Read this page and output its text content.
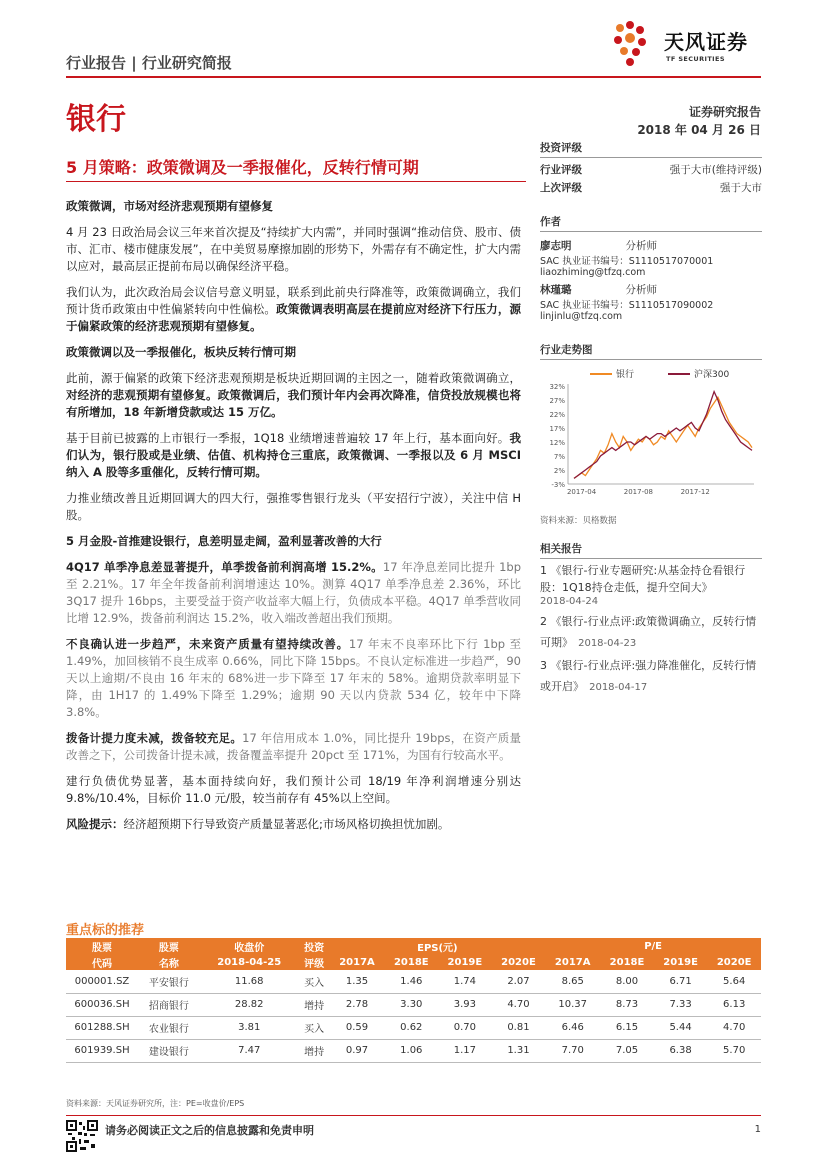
行业报告 | 行业研究简报
天风证券
TF SECURITIES
银行	证券研究报告
2018 年 04 月 26 日
5 月策略：政策微调及一季报催化，反转行情可期
投资评级
行业评级	强于大市(维持评级)
上次评级	强于大市
作者
廖志明	分析师
SAC 执业证书编号：S1110517070001
liaozhiming@tfzq.com
林瑾璐	分析师
SAC 执业证书编号：S1110517090002
linjinlu@tfzq.com
行业走势图
银行	沪深300
32%
27%
22%
17%
12%
7%
2%
-3%
2017-04	2017-08	2017-12
资料来源：贝格数据
相关报告
1 《银行-行业专题研究:从基金持仓看银行股：1Q18持仓走低，提升空间大》
2018-04-24
2 《银行-行业点评:政策微调确立，反转行情可期》 2018-04-23
3 《银行-行业点评:强力降准催化，反转行情或开启》 2018-04-17
政策微调，市场对经济悲观预期有望修复

4 月 23 日政治局会议三年来首次提及“持续扩大内需”，并同时强调“推动信贷、股市、债市、汇市、楼市健康发展”，在中美贸易摩擦加剧的形势下，外需存有不确定性，扩大内需以应对，最高层正提前布局以确保经济平稳。

我们认为，此次政治局会议信号意义明显，联系到此前央行降准等，政策微调确立，我们预计货币政策由中性偏紧转向中性偏松。政策微调表明高层在提前应对经济下行压力，源于偏紧政策的经济悲观预期有望修复。

政策微调以及一季报催化，板块反转行情可期

此前，源于偏紧的政策下经济悲观预期是板块近期回调的主因之一，随着政策微调确立，对经济的悲观预期有望修复。政策微调后，我们预计年内会再次降准，信贷投放规模也将有所增加，18 年新增贷款或达 15 万亿。

基于目前已披露的上市银行一季报，1Q18 业绩增速普遍较 17 年上行，基本面向好。我们认为，银行股或是业绩、估值、机构持仓三重底，政策微调、一季报以及 6 月 MSCI 纳入 A 股等多重催化，反转行情可期。

力推业绩改善且近期回调大的四大行，强推零售银行龙头（平安招行宁波），关注中信 H 股。

5 月金股-首推建设银行，息差明显走阔，盈利显著改善的大行

4Q17 单季净息差显著提升，单季拨备前利润高增 15.2%。17 年净息差同比提升 1bp 至 2.21%。17 年全年拨备前利润增速达 10%。测算 4Q17 单季净息差 2.36%，环比 3Q17 提升 16bps，主要受益于资产收益率大幅上行，负债成本平稳。4Q17 单季营收同比增 12.9%，拨备前利润达 15.2%，收入端改善超出我们预期。

不良确认进一步趋严，未来资产质量有望持续改善。17 年末不良率环比下行 1bp 至 1.49%，加回核销不良生成率 0.66%，同比下降 15bps。不良认定标准进一步趋严，90 天以上逾期/不良由 16 年末的 68%进一步下降至 17 年末的 58%。逾期贷款率明显下降，由 1H17 的 1.49%下降至 1.29%；逾期 90 天以内贷款 534 亿，较年中下降 3.8%。

拨备计提力度未减，拨备较充足。17 年信用成本 1.0%，同比提升 19bps，在资产质量改善之下，公司拨备计提未减，拨备覆盖率提升 20pct 至 171%，为国有行较高水平。

建行负债优势显著，基本面持续向好，我们预计公司 18/19 年净利润增速分别达 9.8%/10.4%，目标价 11.0 元/股，较当前存有 45%以上空间。

风险提示：经济超预期下行导致资产质量显著恶化;市场风格切换担忧加剧。

重点标的推荐
股票	股票	收盘价	投资	EPS(元)				P/E			
代码	名称	2018-04-25	评级	2017A	2018E	2019E	2020E	2017A	2018E	2019E	2020E
000001.SZ	平安银行	11.68	买入	1.35	1.46	1.74	2.07	8.65	8.00	6.71	5.64
600036.SH	招商银行	28.82	增持	2.78	3.30	3.93	4.70	10.37	8.73	7.33	6.13
601288.SH	农业银行	3.81	买入	0.59	0.62	0.70	0.81	6.46	6.15	5.44	4.70
601939.SH	建设银行	7.47	增持	0.97	1.06	1.17	1.31	7.70	7.05	6.38	5.70
资料来源：天风证券研究所，注：PE=收盘价/EPS
请务必阅读正文之后的信息披露和免责申明	1
